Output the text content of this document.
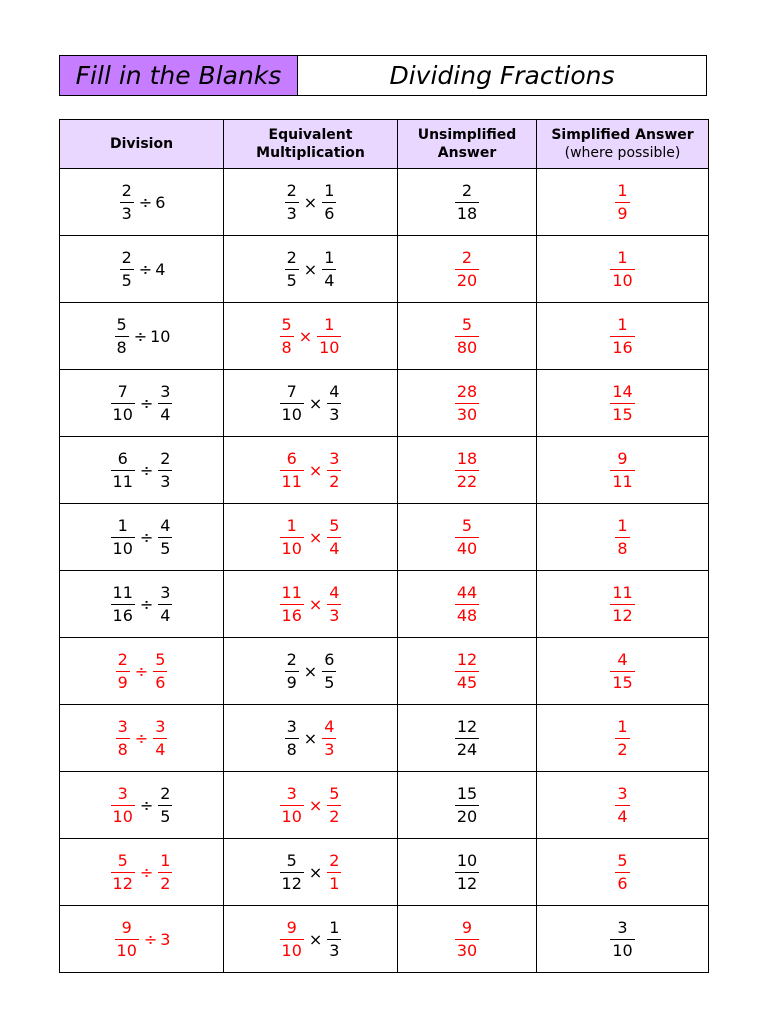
Fill in the Blanks	Dividing Fractions
Division	Equivalent Multiplication	Unsimplified Answer	Simplified Answer
(where possible)

$\frac{2}{3} \div 6$	$\frac{2}{3} \times \frac{1}{6}$	$\frac{2}{18}$	$\frac{1}{9}$

$\frac{2}{5} \div 4$	$\frac{2}{5} \times \frac{1}{4}$	$\frac{2}{20}$	$\frac{1}{10}$

$\frac{5}{8} \div 10$	$\frac{5}{8} \times \frac{1}{10}$	$\frac{5}{80}$	$\frac{1}{16}$

$\frac{7}{10} \div \frac{3}{4}$	$\frac{7}{10} \times \frac{4}{3}$	$\frac{28}{30}$	$\frac{14}{15}$

$\frac{6}{11} \div \frac{2}{3}$	$\frac{6}{11} \times \frac{3}{2}$	$\frac{18}{22}$	$\frac{9}{11}$

$\frac{1}{10} \div \frac{4}{5}$	$\frac{1}{10} \times \frac{5}{4}$	$\frac{5}{40}$	$\frac{1}{8}$

$\frac{11}{16} \div \frac{3}{4}$	$\frac{11}{16} \times \frac{4}{3}$	$\frac{44}{48}$	$\frac{11}{12}$

$\frac{2}{9} \div \frac{5}{6}$	$\frac{2}{9} \times \frac{6}{5}$	$\frac{12}{45}$	$\frac{4}{15}$

$\frac{3}{8} \div \frac{3}{4}$	$\frac{3}{8} \times \frac{4}{3}$	$\frac{12}{24}$	$\frac{1}{2}$

$\frac{3}{10} \div \frac{2}{5}$	$\frac{3}{10} \times \frac{5}{2}$	$\frac{15}{20}$	$\frac{3}{4}$

$\frac{5}{12} \div \frac{1}{2}$	$\frac{5}{12} \times \frac{2}{1}$	$\frac{10}{12}$	$\frac{5}{6}$

$\frac{9}{10} \div 3$	$\frac{9}{10} \times \frac{1}{3}$	$\frac{9}{30}$	$\frac{3}{10}$
